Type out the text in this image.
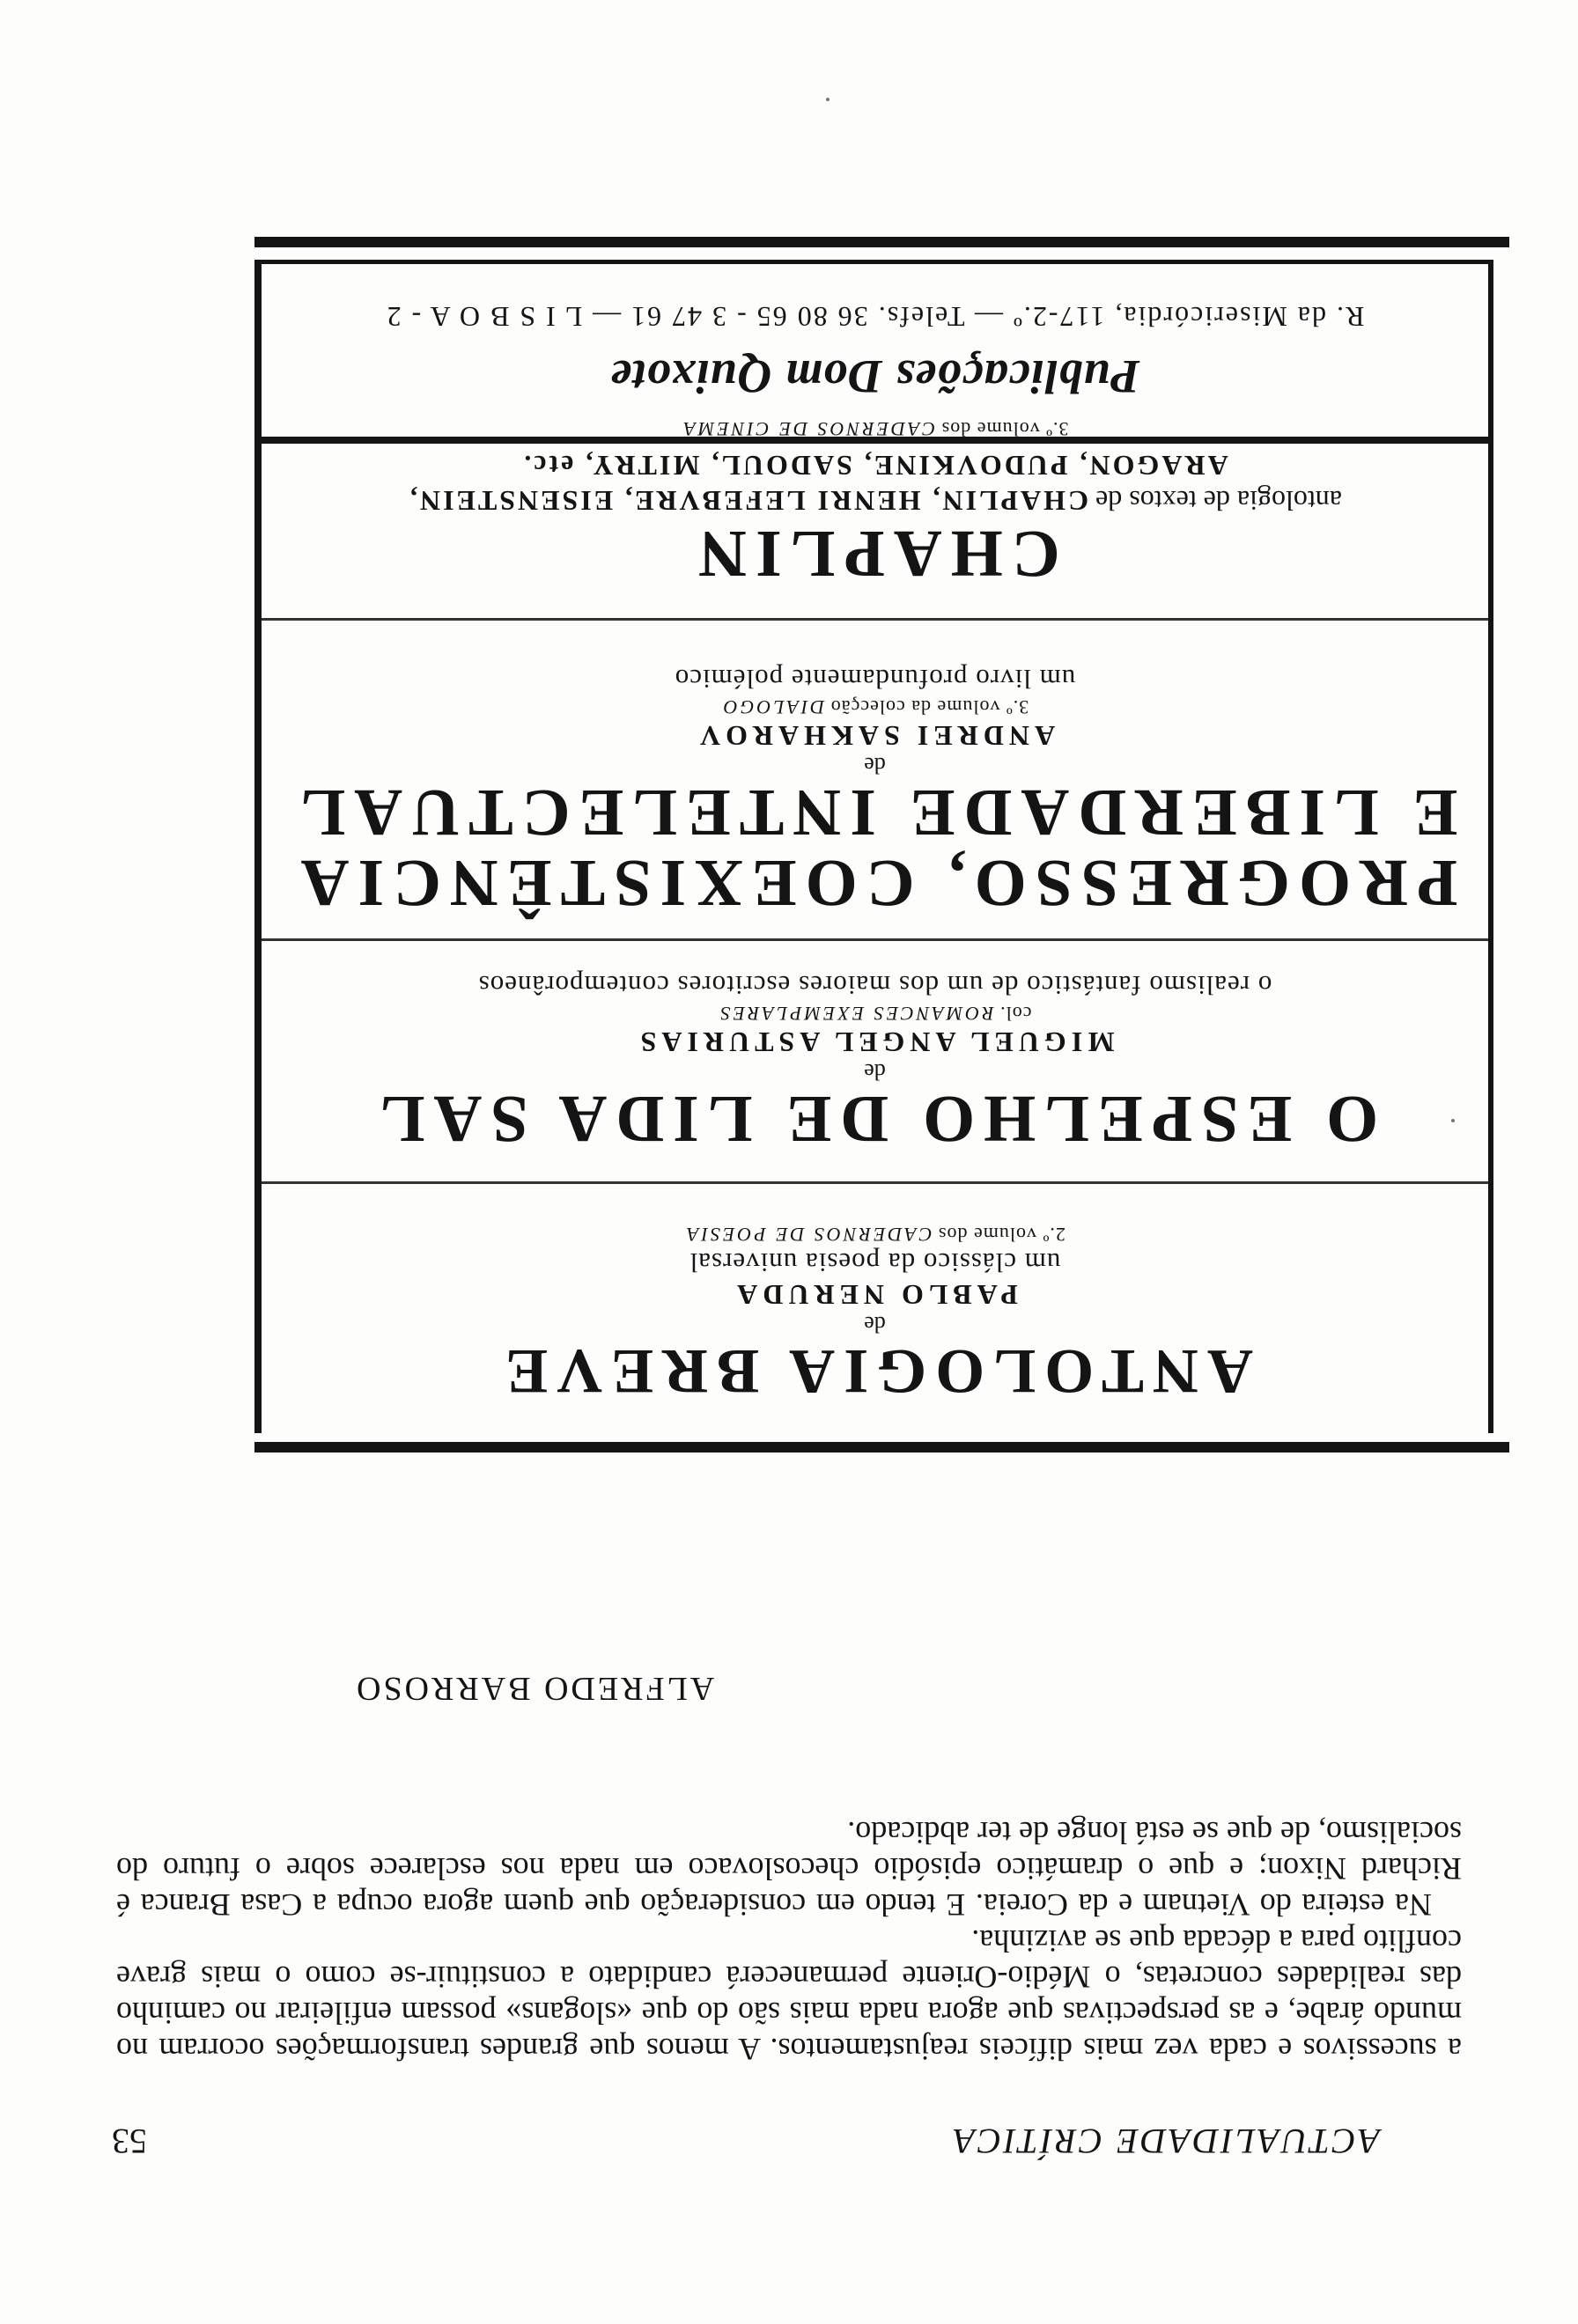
ACTUALIDADE CRÍTICA
53

a sucessivos e cada vez mais difíceis reajustamentos. A menos que grandes transformações ocorram no mundo árabe, e as perspectivas que agora nada mais são do que «slogans» possam enfileirar no caminho das realidades concretas, o Médio-Oriente permanecerá candidato a constituir-se como o mais grave conflito para a década que se avizinha.

Na esteira do Vietnam e da Coreia. E tendo em consideração que quem agora ocupa a Casa Branca é Richard Nixon; e que o dramático episódio checoslovaco em nada nos esclarece sobre o futuro do socialismo, de que se está longe de ter abdicado.

ALFREDO BARROSO
ANTOLOGIA BREVE
de
PABLO NERUDA
um clássico da poesia universal
2.º volume dos CADERNOS DE POESIA
O ESPELHO DE LIDA SAL
de
MIGUEL ANGEL ASTURIAS
col. ROMANCES EXEMPLARES
o realismo fantástico de um dos maiores escritores contemporâneos
PROGRESSO, COEXISTÊNCIA
E LIBERDADE INTELECTUAL
de
ANDREI SAKHAROV
3.º volume da colecção DIALOGO
um livro profundamente polémico
CHAPLIN
antologia de textos de CHAPLIN, HENRI LEFEBVRE, EISENSTEIN,
ARAGON, PUDOVKINE, SADOUL, MITRY, etc.
3.º volume dos CADERNOS DE CINEMA
Publicações Dom Quixote
R. da Misericórdia, 117-2.º — Telefs. 36 80 65 - 3 47 61 — L I S B O A - 2
